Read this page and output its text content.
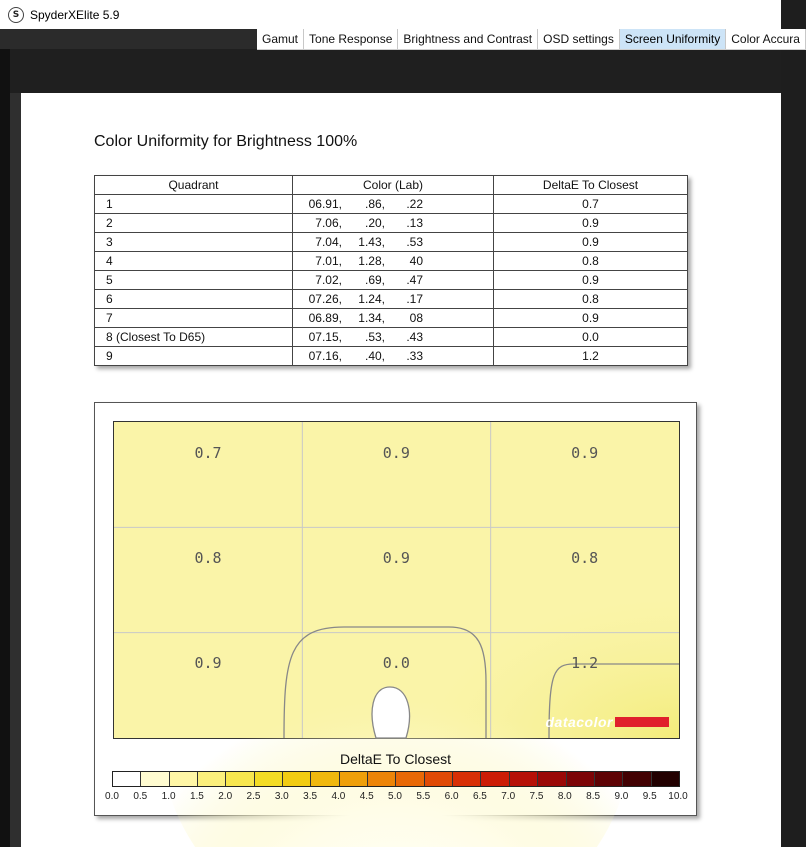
S SpyderXElite 5.9
Gamut Tone Response Brightness and Contrast OSD settings Screen Uniformity Color Accura
Color Uniformity for Brightness 100%
Quadrant	Color (Lab)	DeltaE To Closest
1	06.91, .86, .22	0.7
2	7.06, .20, .13	0.9
3	7.04, 1.43, .53	0.9
4	7.01, 1.28, 40	0.8
5	7.02, .69, .47	0.9
6	07.26, 1.24, .17	0.8
7	06.89, 1.34, 08	0.9
8 (Closest To D65)	07.15, .53, .43	0.0
9	07.16, .40, .33	1.2
0.7	0.9	0.9
0.8	0.9	0.8
0.9	0.0	1.2
datacolor
DeltaE To Closest
0.0 0.5 1.0 1.5 2.0 2.5 3.0 3.5 4.0 4.5 5.0 5.5 6.0 6.5 7.0 7.5 8.0 8.5 9.0 9.5 10.0
